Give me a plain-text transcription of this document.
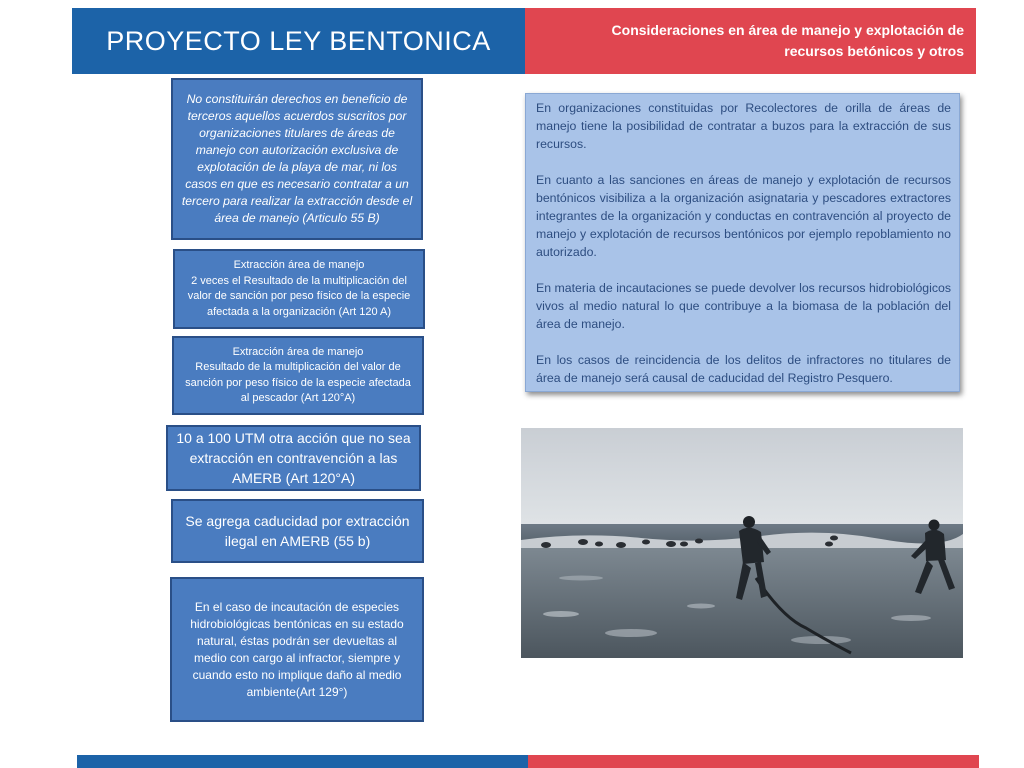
PROYECTO LEY BENTONICA	Consideraciones en área de manejo y explotación de recursos betónicos y otros
No constituirán derechos en beneficio de terceros aquellos acuerdos suscritos por organizaciones titulares de áreas de manejo con autorización exclusiva de explotación de la playa de mar, ni los casos en que es necesario contratar a un tercero para realizar la extracción desde el área de manejo (Articulo 55 B)
Extracción área de manejo
2 veces el Resultado de la multiplicación del valor de sanción por peso físico de la especie afectada a la organización (Art 120 A)
Extracción área de manejo
Resultado de la multiplicación del valor de sanción por peso físico de la especie afectada al pescador (Art 120°A)
10 a 100 UTM otra acción que no sea extracción en contravención a las AMERB (Art 120°A)
Se agrega caducidad por extracción ilegal en AMERB (55 b)
En el caso de incautación de especies hidrobiológicas bentónicas en su estado natural, éstas podrán ser devueltas al medio con cargo al infractor, siempre y cuando esto no implique daño al medio ambiente(Art 129°)

En organizaciones constituidas por Recolectores de orilla de áreas de manejo tiene la posibilidad de contratar a buzos para la extracción de sus recursos.

En cuanto a las sanciones en áreas de manejo y explotación de recursos bentónicos visibiliza a la organización asignataria y pescadores extractores integrantes de la organización y conductas en contravención al proyecto de manejo y explotación de recursos bentónicos por ejemplo repoblamiento no autorizado.

En materia de incautaciones se puede devolver los recursos hidrobiológicos vivos al medio natural lo que contribuye a la biomasa de la población del área de manejo.

En los casos de reincidencia de los delitos de infractores no titulares de área de manejo será causal de caducidad del Registro Pesquero.
